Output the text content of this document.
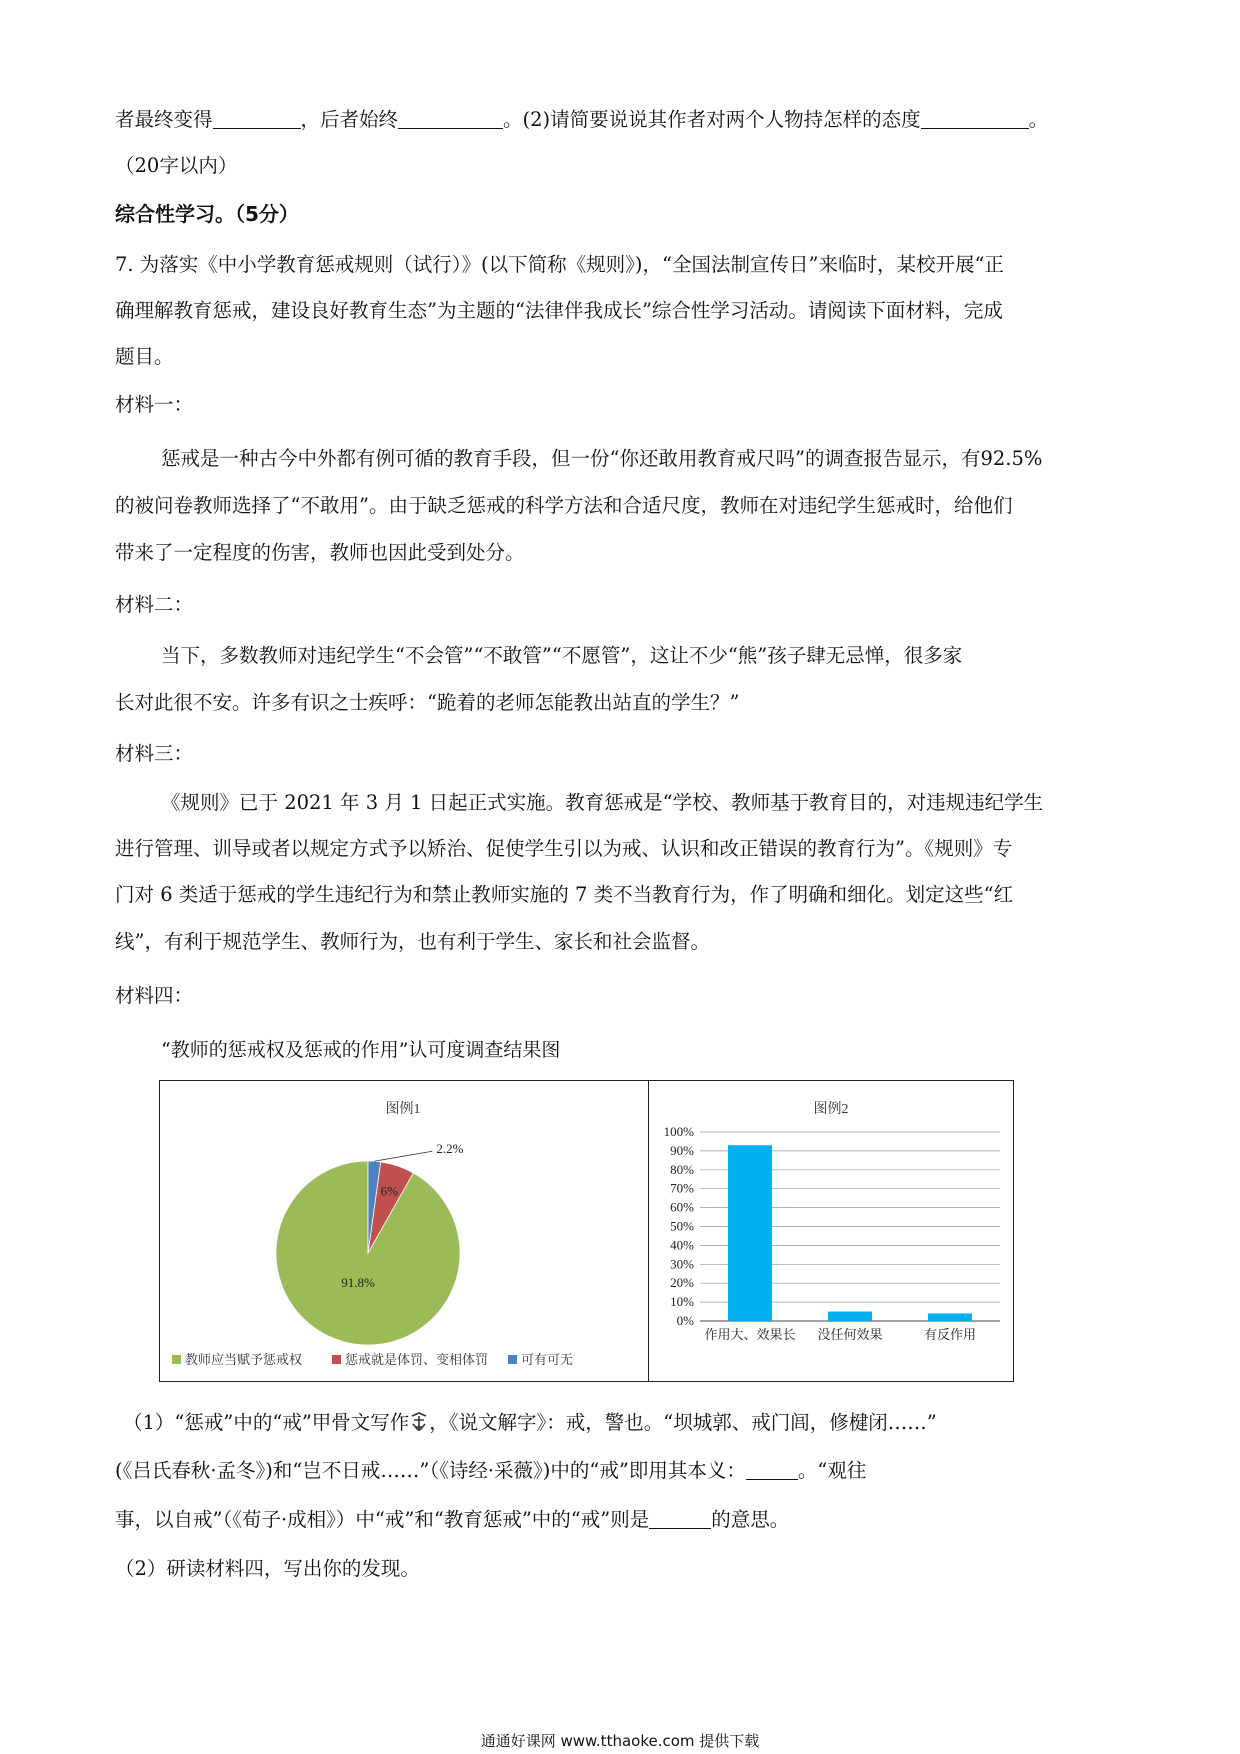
者最终变得	，后者始终	。(2)请简要说说其作者对两个人物持怎样的态度	。
（20字以内）
综合性学习。（5分）
7. 为落实《中小学教育惩戒规则（试行）》(以下简称《规则》)，“全国法制宣传日”来临时，某校开展“正
确理解教育惩戒，建设良好教育生态”为主题的“法律伴我成长”综合性学习活动。请阅读下面材料，完成
题目。
材料一：
惩戒是一种古今中外都有例可循的教育手段，但一份“你还敢用教育戒尺吗”的调查报告显示，有92.5%
的被问卷教师选择了“不敢用”。由于缺乏惩戒的科学方法和合适尺度，教师在对违纪学生惩戒时，给他们
带来了一定程度的伤害，教师也因此受到处分。
材料二：
当下，多数教师对违纪学生“不会管”“不敢管”“不愿管”，这让不少“熊”孩子肆无忌惮，很多家
长对此很不安。许多有识之士疾呼：“跪着的老师怎能教出站直的学生？”
材料三：
《规则》已于 2021 年 3 月 1 日起正式实施。教育惩戒是“学校、教师基于教育目的，对违规违纪学生
进行管理、训导或者以规定方式予以矫治、促使学生引以为戒、认识和改正错误的教育行为”。《规则》专
门对 6 类适于惩戒的学生违纪行为和禁止教师实施的 7 类不当教育行为，作了明确和细化。划定这些“红
线”，有利于规范学生、教师行为，也有利于学生、家长和社会监督。
材料四：
“教师的惩戒权及惩戒的作用”认可度调查结果图
图例1
91.8%
6%
2.2%
教师应当赋予惩戒权	惩戒就是体罚、变相体罚	可有可无
图例2
0%
10%
20%
30%
40%
50%
60%
70%
80%
90%
100%
作用大、效果长 没任何效果	有反作用
（1）“惩戒”中的“戒”甲骨文写作 ，《说文解字》：戒，警也。“坝城郭、戒门闾，修楗闭……”
(《吕氏春秋·孟冬》)和“岂不日戒……”（《诗经·采薇》)中的“戒”即用其本义：	。“观往
事，以自戒”（《荀子·成相》）中“戒”和“教育惩戒”中的“戒”则是	的意思。
（2）研读材料四，写出你的发现。
通通好课网 www.tthaoke.com 提供下载
